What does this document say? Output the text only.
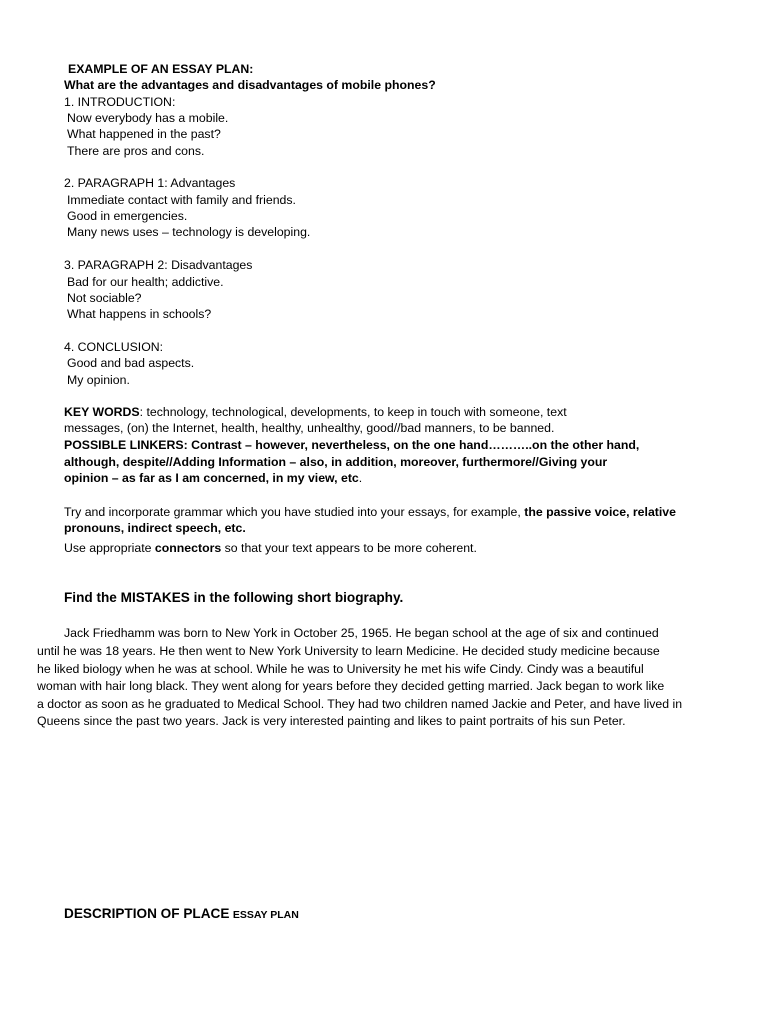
EXAMPLE OF AN ESSAY PLAN:

What are the advantages and disadvantages of mobile phones?

1. INTRODUCTION:

Now everybody has a mobile.

What happened in the past?

There are pros and cons.

2. PARAGRAPH 1: Advantages

Immediate contact with family and friends.

Good in emergencies.

Many news uses – technology is developing.

3. PARAGRAPH 2: Disadvantages

Bad for our health; addictive.

Not sociable?

What happens in schools?

4. CONCLUSION:

Good and bad aspects.

My opinion.

KEY WORDS: technology, technological, developments, to keep in touch with someone, text

messages, (on) the Internet, health, healthy, unhealthy, good//bad manners, to be banned.

POSSIBLE LINKERS: Contrast – however, nevertheless, on the one hand………..on the other hand,

although, despite//Adding Information – also, in addition, moreover, furthermore//Giving your

opinion – as far as I am concerned, in my view, etc.

Try and incorporate grammar which you have studied into your essays, for example, the passive voice, relative

pronouns, indirect speech, etc.

Use appropriate connectors so that your text appears to be more coherent.

Find the MISTAKES in the following short biography.

Jack Friedhamm was born to New York in October 25, 1965. He began school at the age of six and continued

until he was 18 years. He then went to New York University to learn Medicine. He decided study medicine because

he liked biology when he was at school. While he was to University he met his wife Cindy. Cindy was a beautiful

woman with hair long black. They went along for years before they decided getting married. Jack began to work like

a doctor as soon as he graduated to Medical School. They had two children named Jackie and Peter, and have lived in

Queens since the past two years. Jack is very interested painting and likes to paint portraits of his sun Peter.

DESCRIPTION OF PLACE ESSAY PLAN
